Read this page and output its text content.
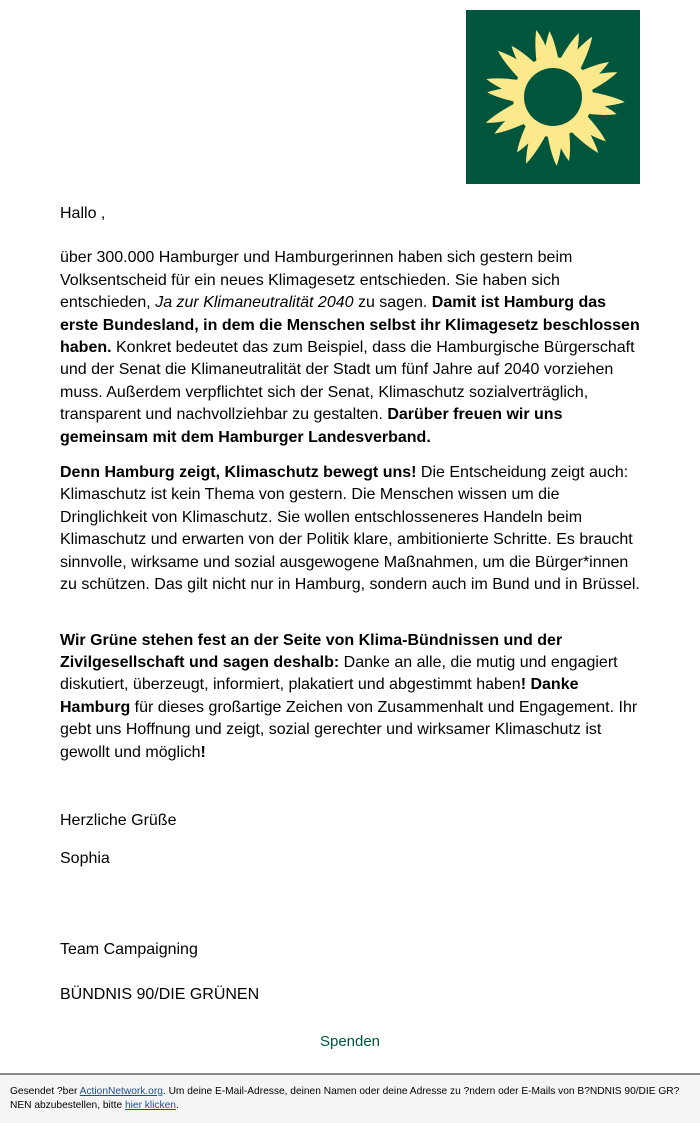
Hallo ,

über 300.000 Hamburger und Hamburgerinnen haben sich gestern beim Volksentscheid für ein neues Klimagesetz entschieden. Sie haben sich entschieden, Ja zur Klimaneutralität 2040 zu sagen. Damit ist Hamburg das erste Bundesland, in dem die Menschen selbst ihr Klimagesetz beschlossen haben. Konkret bedeutet das zum Beispiel, dass die Hamburgische Bürgerschaft und der Senat die Klimaneutralität der Stadt um fünf Jahre auf 2040 vorziehen muss. Außerdem verpflichtet sich der Senat, Klimaschutz sozialverträglich, transparent und nachvollziehbar zu gestalten. Darüber freuen wir uns gemeinsam mit dem Hamburger Landesverband.

Denn Hamburg zeigt, Klimaschutz bewegt uns! Die Entscheidung zeigt auch: Klimaschutz ist kein Thema von gestern. Die Menschen wissen um die Dringlichkeit von Klimaschutz. Sie wollen entschlosseneres Handeln beim Klimaschutz und erwarten von der Politik klare, ambitionierte Schritte. Es braucht sinnvolle, wirksame und sozial ausgewogene Maßnahmen, um die Bürger*innen zu schützen. Das gilt nicht nur in Hamburg, sondern auch im Bund und in Brüssel.

Wir Grüne stehen fest an der Seite von Klima-Bündnissen und der Zivilgesellschaft und sagen deshalb: Danke an alle, die mutig und engagiert diskutiert, überzeugt, informiert, plakatiert und abgestimmt haben! Danke Hamburg für dieses großartige Zeichen von Zusammenhalt und Engagement. Ihr gebt uns Hoffnung und zeigt, sozial gerechter und wirksamer Klimaschutz ist gewollt und möglich!

Herzliche Grüße

Sophia

Team Campaigning

BÜNDNIS 90/DIE GRÜNEN

Spenden
Gesendet ?ber ActionNetwork.org. Um deine E-Mail-Adresse, deinen Namen oder deine Adresse zu ?ndern oder E-Mails von B?NDNIS 90/DIE GR?NEN abzubestellen, bitte hier klicken.
